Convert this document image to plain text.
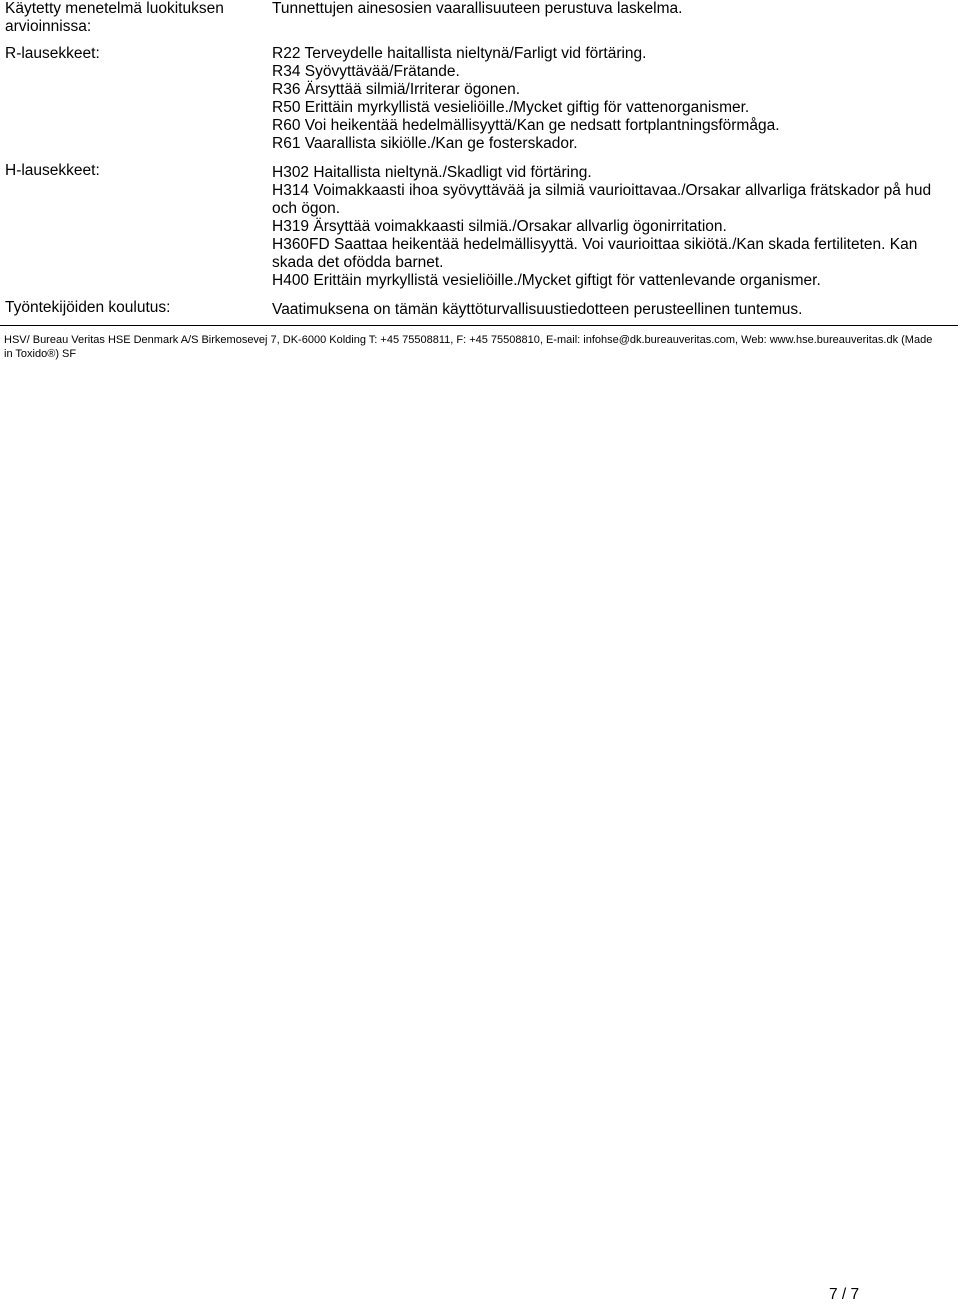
Käytetty menetelmä luokituksen arvioinnissa:
Tunnettujen ainesosien vaarallisuuteen perustuva laskelma.
R-lausekkeet:	R22 Terveydelle haitallista nieltynä/Farligt vid förtäring.
R34 Syövyttävää/Frätande.
R36 Ärsyttää silmiä/Irriterar ögonen.
R50 Erittäin myrkyllistä vesieliöille./Mycket giftig för vattenorganismer.
R60 Voi heikentää hedelmällisyyttä/Kan ge nedsatt fortplantningsförmåga.
R61 Vaarallista sikiölle./Kan ge fosterskador.
H-lausekkeet:	H302 Haitallista nieltynä./Skadligt vid förtäring.
H314 Voimakkaasti ihoa syövyttävää ja silmiä vaurioittavaa./Orsakar allvarliga frätskador på hud och ögon.
H319 Ärsyttää voimakkaasti silmiä./Orsakar allvarlig ögonirritation.
H360FD Saattaa heikentää hedelmällisyyttä. Voi vaurioittaa sikiötä./Kan skada fertiliteten. Kan skada det ofödda barnet.
H400 Erittäin myrkyllistä vesieliöille./Mycket giftigt för vattenlevande organismer.
Työntekijöiden koulutus:	Vaatimuksena on tämän käyttöturvallisuustiedotteen perusteellinen tuntemus.
HSV/ Bureau Veritas HSE Denmark A/S Birkemosevej 7, DK-6000 Kolding T: +45 75508811, F: +45 75508810, E-mail: infohse@dk.bureauveritas.com, Web: www.hse.bureauveritas.dk (Made in Toxido®) SF
7 / 7
